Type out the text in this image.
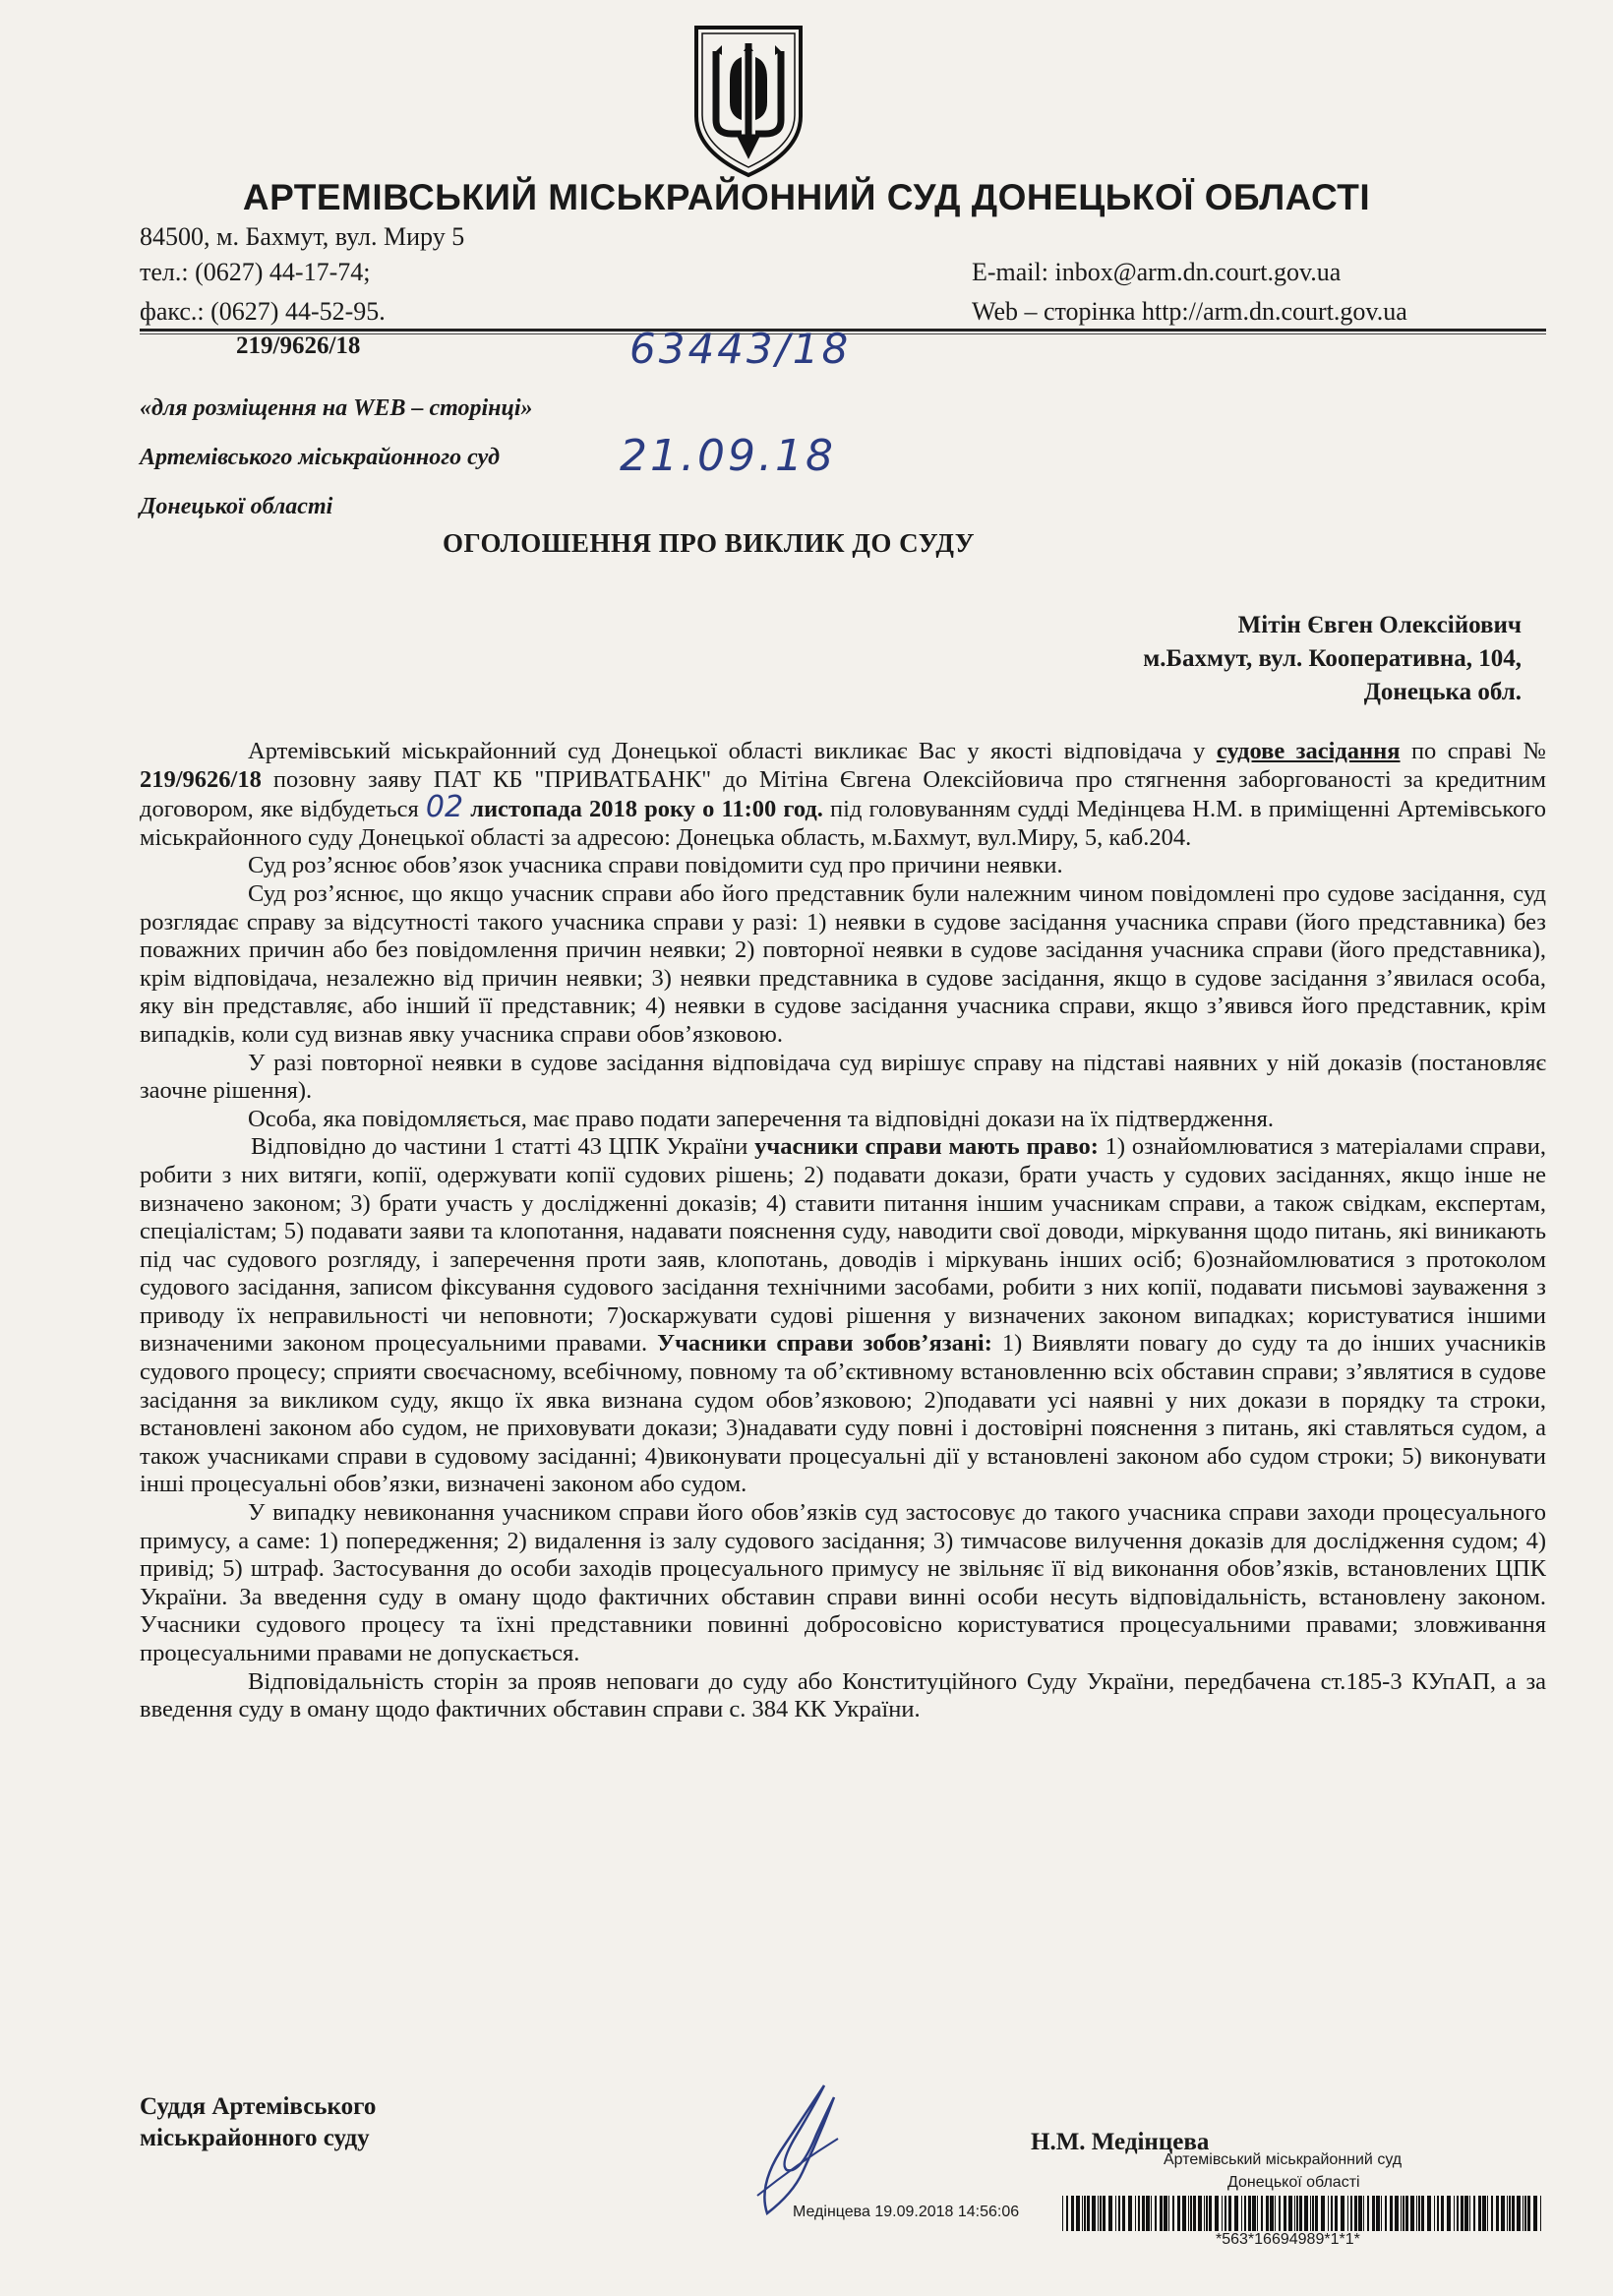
АРТЕМІВСЬКИЙ МІСЬКРАЙОННИЙ СУД ДОНЕЦЬКОЇ ОБЛАСТІ
84500, м. Бахмут, вул. Миру 5
тел.: (0627) 44-17-74;
факс.: (0627) 44-52-95.
E-mail: inbox@arm.dn.court.gov.ua
Web – сторінка http://arm.dn.court.gov.ua
219/9626/18	63443/18
21.09.18
«для розміщення на WEB – сторінці»
Артемівського міськрайонного суд
Донецької області
ОГОЛОШЕННЯ ПРО ВИКЛИК ДО СУДУ
Мітін Євген Олексійович
м.Бахмут, вул. Кооперативна, 104,
Донецька обл.

Артемівський міськрайонний суд Донецької області викликає Вас у якості відповідача у судове засідання по справі № 219/9626/18 позовну заяву ПАТ КБ "ПРИВАТБАНК" до Мітіна Євгена Олексійовича про стягнення заборгованості за кредитним договором, яке відбудеться 02 листопада 2018 року о 11:00 год. під головуванням судді Медінцева Н.М. в приміщенні Артемівського міськрайонного суду Донецької області за адресою: Донецька область, м.Бахмут, вул.Миру, 5, каб.204.

Суд роз’яснює обов’язок учасника справи повідомити суд про причини неявки.

Суд роз’яснює, що якщо учасник справи або його представник були належним чином повідомлені про судове засідання, суд розглядає справу за відсутності такого учасника справи у разі: 1) неявки в судове засідання учасника справи (його представника) без поважних причин або без повідомлення причин неявки; 2) повторної неявки в судове засідання учасника справи (його представника), крім відповідача, незалежно від причин неявки; 3) неявки представника в судове засідання, якщо в судове засідання з’явилася особа, яку він представляє, або інший її представник; 4) неявки в судове засідання учасника справи, якщо з’явився його представник, крім випадків, коли суд визнав явку учасника справи обов’язковою.

У разі повторної неявки в судове засідання відповідача суд вирішує справу на підставі наявних у ній доказів (постановляє заочне рішення).

Особа, яка повідомляється, має право подати заперечення та відповідні докази на їх підтвердження.

Відповідно до частини 1 статті 43 ЦПК України учасники справи мають право: 1) ознайомлюватися з матеріалами справи, робити з них витяги, копії, одержувати копії судових рішень; 2) подавати докази, брати участь у судових засіданнях, якщо інше не визначено законом; 3) брати участь у дослідженні доказів; 4) ставити питання іншим учасникам справи, а також свідкам, експертам, спеціалістам; 5) подавати заяви та клопотання, надавати пояснення суду, наводити свої доводи, міркування щодо питань, які виникають під час судового розгляду, і заперечення проти заяв, клопотань, доводів і міркувань інших осіб; 6)ознайомлюватися з протоколом судового засідання, записом фіксування судового засідання технічними засобами, робити з них копії, подавати письмові зауваження з приводу їх неправильності чи неповноти; 7)оскаржувати судові рішення у визначених законом випадках; користуватися іншими визначеними законом процесуальними правами. Учасники справи зобов’язані: 1) Виявляти повагу до суду та до інших учасників судового процесу; сприяти своєчасному, всебічному, повному та об’єктивному встановленню всіх обставин справи; з’являтися в судове засідання за викликом суду, якщо їх явка визнана судом обов’язковою; 2)подавати усі наявні у них докази в порядку та строки, встановлені законом або судом, не приховувати докази; 3)надавати суду повні і достовірні пояснення з питань, які ставляться судом, а також учасниками справи в судовому засіданні; 4)виконувати процесуальні дії у встановлені законом або судом строки; 5) виконувати інші процесуальні обов’язки, визначені законом або судом.

У випадку невиконання учасником справи його обов’язків суд застосовує до такого учасника справи заходи процесуального примусу, а саме: 1) попередження; 2) видалення із залу судового засідання; 3) тимчасове вилучення доказів для дослідження судом; 4) привід; 5) штраф. Застосування до особи заходів процесуального примусу не звільняє її від виконання обов’язків, встановлених ЦПК України. За введення суду в оману щодо фактичних обставин справи винні особи несуть відповідальність, встановлену законом. Учасники судового процесу та їхні представники повинні добросовісно користуватися процесуальними правами; зловживання процесуальними правами не допускається.

Відповідальність сторін за прояв неповаги до суду або Конституційного Суду України, передбачена ст.185-3 КУпАП, а за введення суду в оману щодо фактичних обставин справи с. 384 КК України.

Суддя Артемівського
міськрайонного суду	Н.М. Медінцева
Артемівський міськрайонний суд
Донецької області
Медінцева 19.09.2018 14:56:06
*563*16694989*1*1*
